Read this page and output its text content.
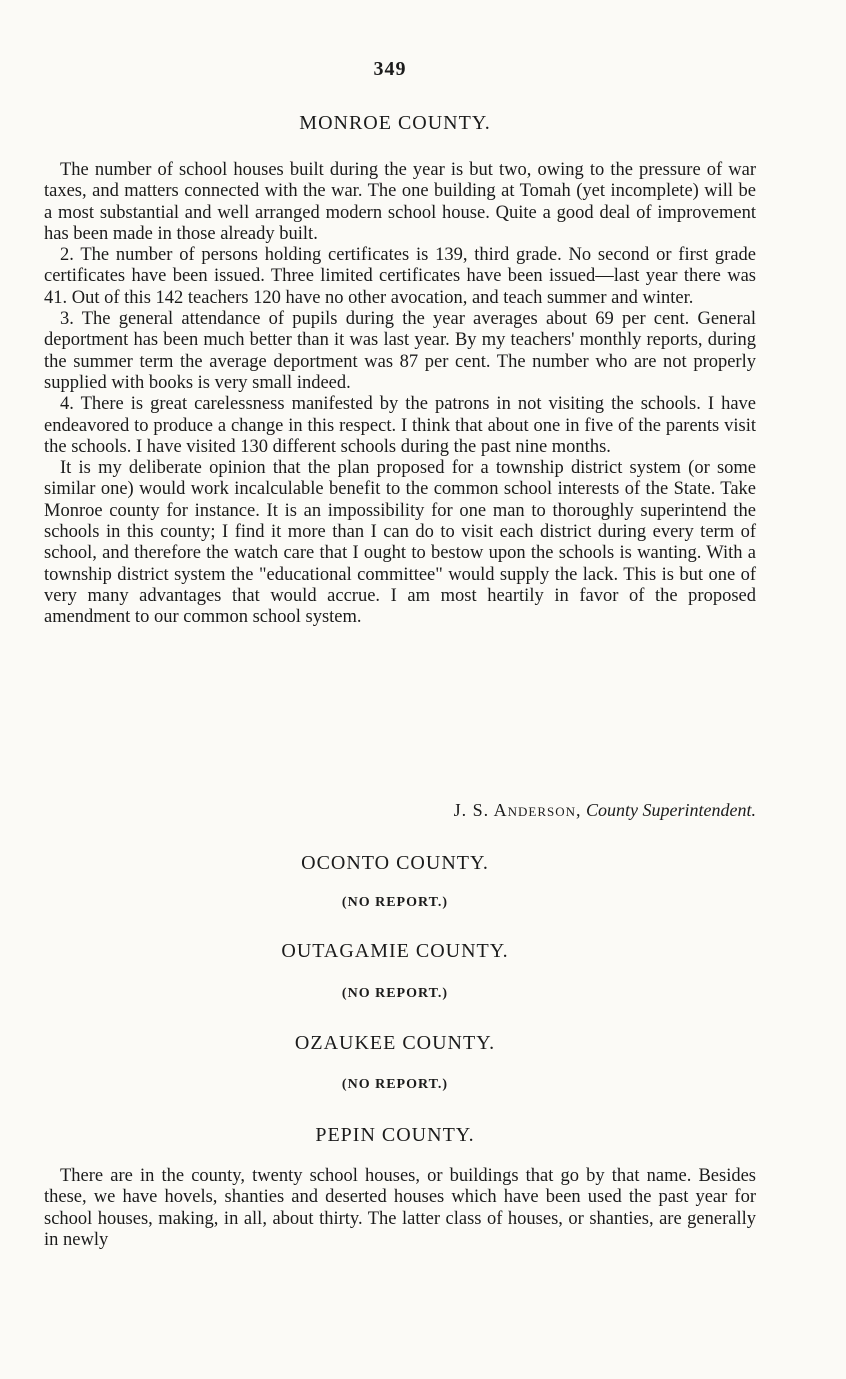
349
MONROE COUNTY.

The number of school houses built during the year is but two, owing to the pressure of war taxes, and matters connected with the war. The one building at Tomah (yet incomplete) will be a most substantial and well arranged modern school house. Quite a good deal of improvement has been made in those already built.

2. The number of persons holding certificates is 139, third grade. No second or first grade certificates have been issued. Three limited certificates have been issued—last year there was 41. Out of this 142 teachers 120 have no other avocation, and teach summer and winter.

3. The general attendance of pupils during the year averages about 69 per cent. General deportment has been much better than it was last year. By my teachers' monthly reports, during the summer term the average deportment was 87 per cent. The number who are not properly supplied with books is very small indeed.

4. There is great carelessness manifested by the patrons in not visiting the schools. I have endeavored to produce a change in this respect. I think that about one in five of the parents visit the schools. I have visited 130 different schools during the past nine months.

It is my deliberate opinion that the plan proposed for a township district system (or some similar one) would work incalculable benefit to the common school interests of the State. Take Monroe county for instance. It is an impossibility for one man to thoroughly superintend the schools in this county; I find it more than I can do to visit each district during every term of school, and therefore the watch care that I ought to bestow upon the schools is wanting. With a township district system the "educational committee" would supply the lack. This is but one of very many advantages that would accrue. I am most heartily in favor of the proposed amendment to our common school system.

J. S. Anderson, County Superintendent.
OCONTO COUNTY.
(NO REPORT.)
OUTAGAMIE COUNTY.
(NO REPORT.)
OZAUKEE COUNTY.
(NO REPORT.)
PEPIN COUNTY.

There are in the county, twenty school houses, or buildings that go by that name. Besides these, we have hovels, shanties and deserted houses which have been used the past year for school houses, making, in all, about thirty. The latter class of houses, or shanties, are generally in newly
